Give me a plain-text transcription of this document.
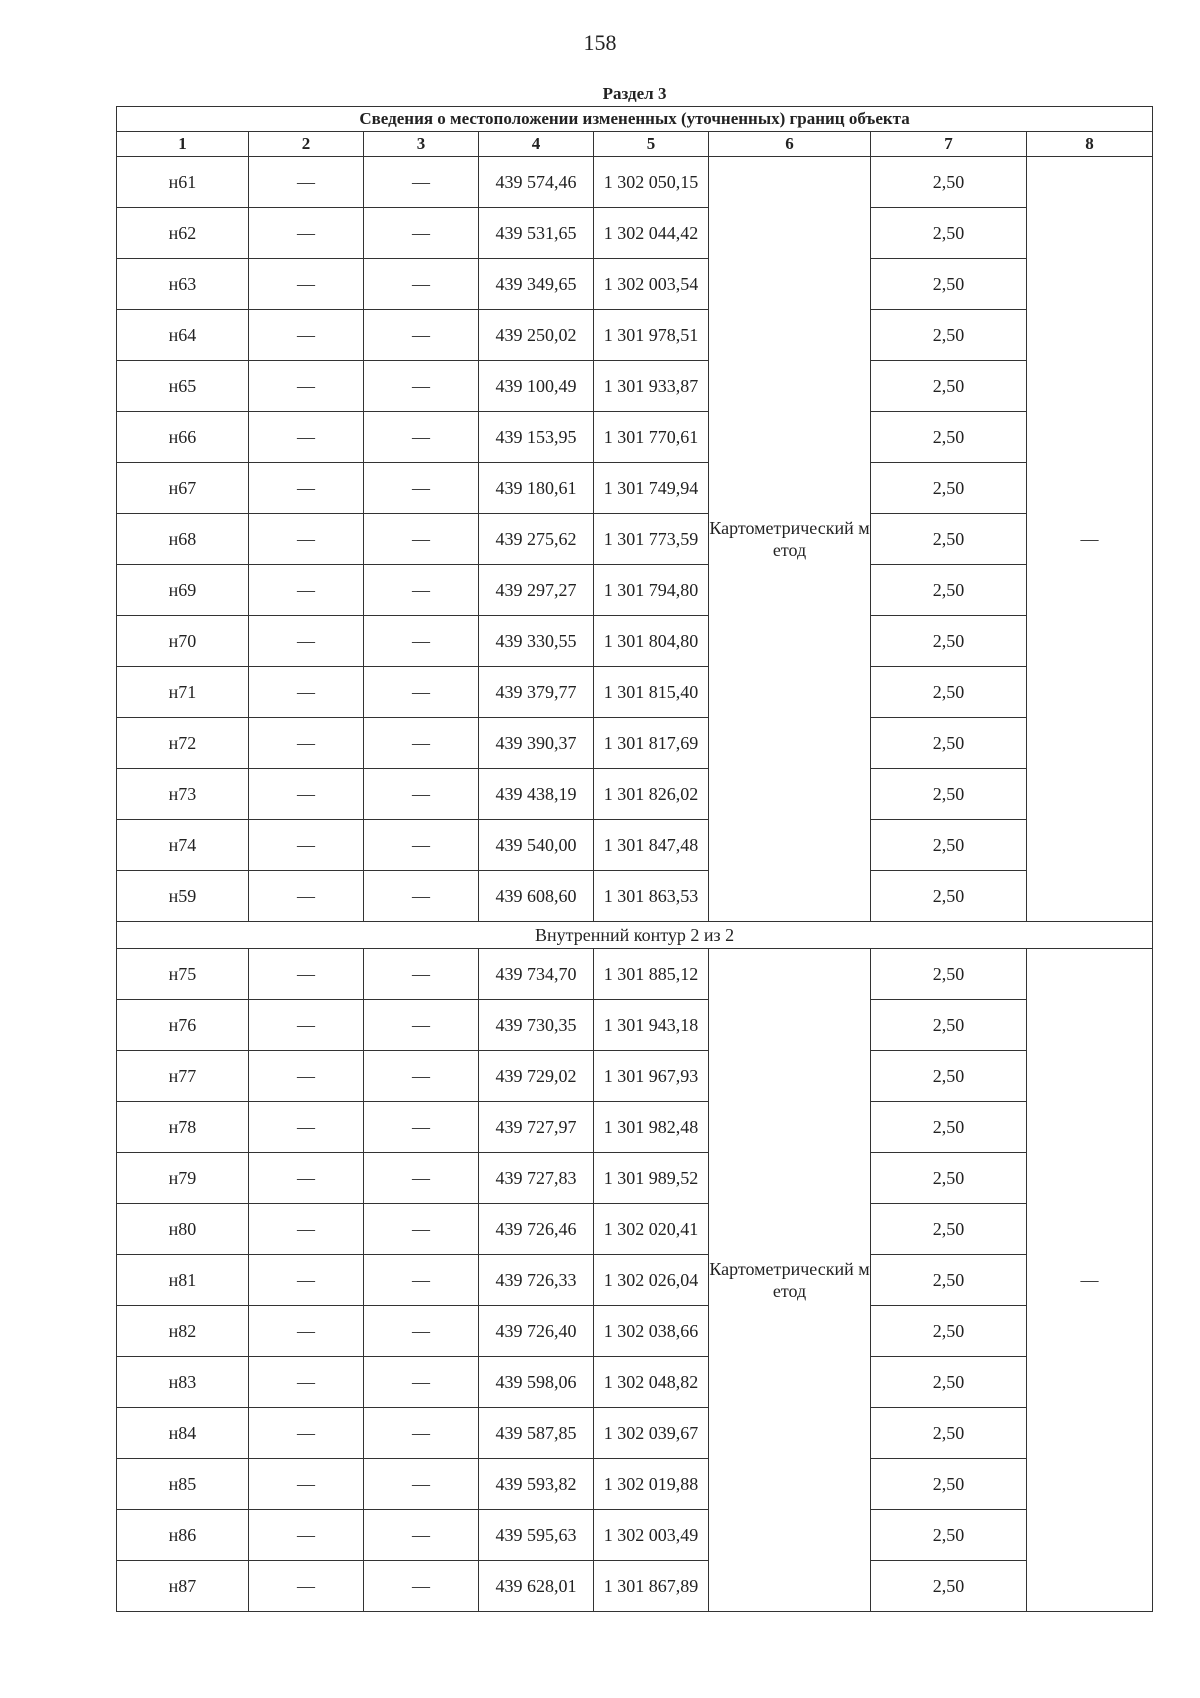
158
Раздел 3							
Сведения о местоположении измененных (уточненных) границ объекта							
1	2	3	4	5	6	7	8
н61	—	—	439 574,46	1 302 050,15	Картометрический метод	2,50	—
н62	—	—	439 531,65	1 302 044,42		2,50	
н63	—	—	439 349,65	1 302 003,54		2,50	
н64	—	—	439 250,02	1 301 978,51		2,50	
н65	—	—	439 100,49	1 301 933,87		2,50	
н66	—	—	439 153,95	1 301 770,61		2,50	
н67	—	—	439 180,61	1 301 749,94		2,50	
н68	—	—	439 275,62	1 301 773,59		2,50	
н69	—	—	439 297,27	1 301 794,80		2,50	
н70	—	—	439 330,55	1 301 804,80		2,50	
н71	—	—	439 379,77	1 301 815,40		2,50	
н72	—	—	439 390,37	1 301 817,69		2,50	
н73	—	—	439 438,19	1 301 826,02		2,50	
н74	—	—	439 540,00	1 301 847,48		2,50	
н59	—	—	439 608,60	1 301 863,53		2,50	
Внутренний контур 2 из 2							
н75	—	—	439 734,70	1 301 885,12	Картометрический метод	2,50	—
н76	—	—	439 730,35	1 301 943,18		2,50	
н77	—	—	439 729,02	1 301 967,93		2,50	
н78	—	—	439 727,97	1 301 982,48		2,50	
н79	—	—	439 727,83	1 301 989,52		2,50	
н80	—	—	439 726,46	1 302 020,41		2,50	
н81	—	—	439 726,33	1 302 026,04		2,50	
н82	—	—	439 726,40	1 302 038,66		2,50	
н83	—	—	439 598,06	1 302 048,82		2,50	
н84	—	—	439 587,85	1 302 039,67		2,50	
н85	—	—	439 593,82	1 302 019,88		2,50	
н86	—	—	439 595,63	1 302 003,49		2,50	
н87	—	—	439 628,01	1 301 867,89		2,50	
